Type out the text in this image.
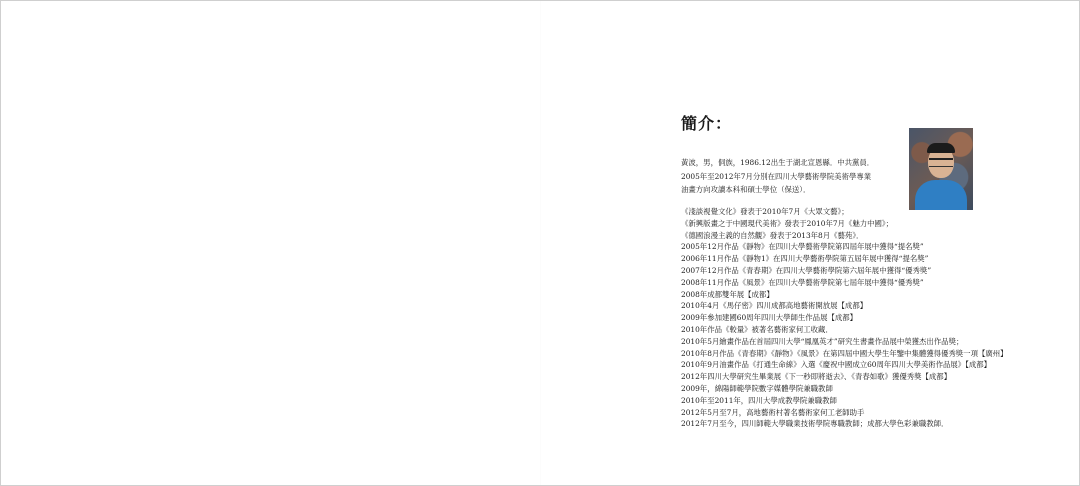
簡介：
黃波，男，侗族，1986.12出生于湖北宣恩縣．中共黨員．
2005年至2012年7月分別在四川大學藝術學院美術學專業
油畫方向攻讀本科和碩士學位（保送）．
《淺談視覺文化》發表于2010年7月《大眾文藝》；
《新興版畫之于中國現代美術》發表于2010年7月《魅力中國》；
《德國浪漫主義的自然觀》發表于2013年8月《藝苑》．
2005年12月作品《靜物》在四川大學藝術學院第四屆年展中獲得“提名獎”
2006年11月作品《靜物1》在四川大學藝術學院第五屆年展中獲得“提名獎”
2007年12月作品《青春期》在四川大學藝術學院第六屆年展中獲得“優秀獎”
2008年11月作品《風景》在四川大學藝術學院第七屆年展中獲得“優秀獎”
2008年成都雙年展【成都】
2010年4月《馬仔密》四川成都高地藝術開放展【成都】
2009年參加建國60周年四川大學師生作品展【成都】
2010年作品《較量》被著名藝術家何工收藏．
2010年5月繪畫作品在首屆四川大學“鳳凰英才”研究生書畫作品展中榮獲杰出作品獎；
2010年8月作品《青春期》《靜物》《風景》在第四屆中國大學生年鑒中集體獲得優秀獎一項【廣州】
2010年9月油畫作品《打通生命線》入選《慶祝中國成立60周年四川大學美術作品展》【成都】
2012年四川大學研究生畢業展《下一秒即將逝去》、《青春如歌》獲優秀獎【成都】
2009年，綿陽師範學院數字媒體學院兼職教師
2010年至2011年，四川大學成教學院兼職教師
2012年5月至7月，高地藝術村著名藝術家何工老師助手
2012年7月至今，四川師範大學職業技術學院專職教師；成都大學色彩兼職教師．
